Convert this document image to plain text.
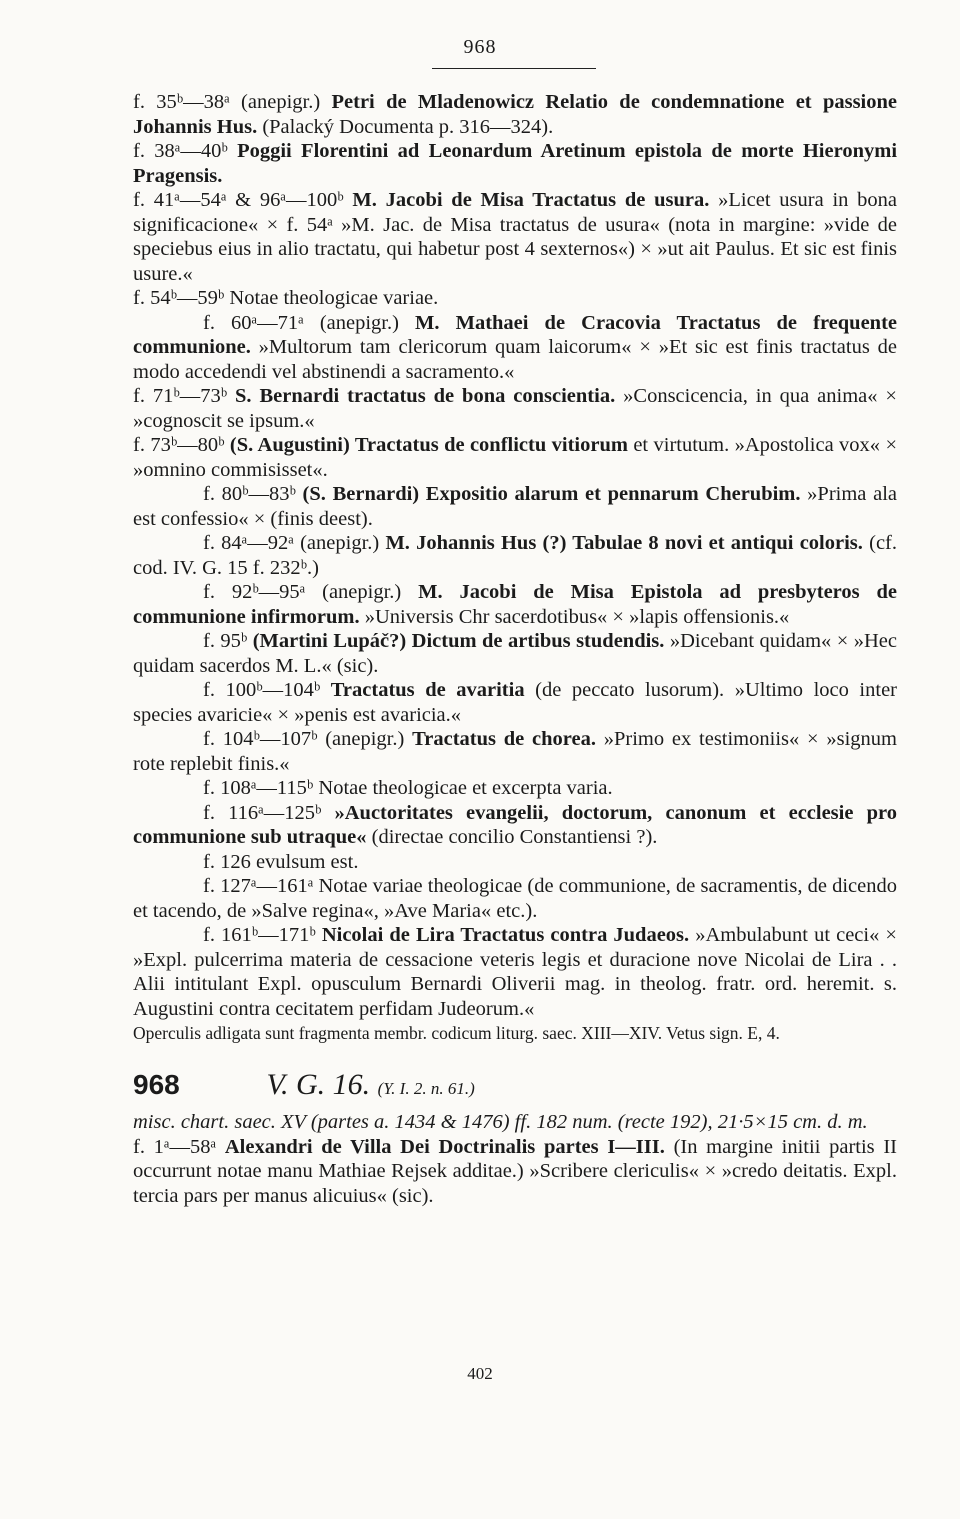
968

f. 35ᵇ—38ᵃ (anepigr.) Petri de Mladenowicz Relatio de condemnatione et passione Johannis Hus. (Palacký Documenta p. 316—324).

f. 38ᵃ—40ᵇ Poggii Florentini ad Leonardum Aretinum epistola de morte Hieronymi Pragensis.

f. 41ᵃ—54ᵃ & 96ᵃ—100ᵇ M. Jacobi de Misa Tractatus de usura. »Licet usura in bona significacione« × f. 54ᵃ »M. Jac. de Misa tractatus de usura« (nota in margine: »vide de speciebus eius in alio tractatu, qui habetur post 4 sexternos«) × »ut ait Paulus. Et sic est finis usure.«

f. 54ᵇ—59ᵇ Notae theologicae variae.

f. 60ᵃ—71ᵃ (anepigr.) M. Mathaei de Cracovia Tractatus de frequente communione. »Multorum tam clericorum quam laicorum« × »Et sic est finis tractatus de modo accedendi vel abstinendi a sacramento.«

f. 71ᵇ—73ᵇ S. Bernardi tractatus de bona conscientia. »Conscicencia, in qua anima« × »cognoscit se ipsum.«

f. 73ᵇ—80ᵇ (S. Augustini) Tractatus de conflictu vitiorum et virtutum. »Apostolica vox« × »omnino commisisset«.

f. 80ᵇ—83ᵇ (S. Bernardi) Expositio alarum et pennarum Cherubim. »Prima ala est confessio« × (finis deest).

f. 84ᵃ—92ᵃ (anepigr.) M. Johannis Hus (?) Tabulae 8 novi et antiqui coloris. (cf. cod. IV. G. 15 f. 232ᵇ.)

f. 92ᵇ—95ᵃ (anepigr.) M. Jacobi de Misa Epistola ad presbyteros de communione infirmorum. »Universis Chr sacerdotibus« × »lapis offensionis.«

f. 95ᵇ (Martini Lupáč?) Dictum de artibus studendis. »Dicebant quidam« × »Hec quidam sacerdos M. L.« (sic).

f. 100ᵇ—104ᵇ Tractatus de avaritia (de peccato lusorum). »Ultimo loco inter species avaricie« × »penis est avaricia.«

f. 104ᵇ—107ᵇ (anepigr.) Tractatus de chorea. »Primo ex testimoniis« × »signum rote replebit finis.«

f. 108ᵃ—115ᵇ Notae theologicae et excerpta varia.

f. 116ᵃ—125ᵇ »Auctoritates evangelii, doctorum, canonum et ecclesie pro communione sub utraque« (directae concilio Constantiensi ?).

f. 126 evulsum est.

f. 127ᵃ—161ᵃ Notae variae theologicae (de communione, de sacramentis, de dicendo et tacendo, de »Salve regina«, »Ave Maria« etc.).

f. 161ᵇ—171ᵇ Nicolai de Lira Tractatus contra Judaeos. »Ambulabunt ut ceci« × »Expl. pulcerrima materia de cessacione veteris legis et duracione nove Nicolai de Lira . . Alii intitulant Expl. opusculum Bernardi Oliverii mag. in theolog. fratr. ord. heremit. s. Augustini contra cecitatem perfidam Judeorum.«

Operculis adligata sunt fragmenta membr. codicum liturg. saec. XIII—XIV. Vetus sign. E, 4.

968	V. G. 16. (Y. I. 2. n. 61.)

misc. chart. saec. XV (partes a. 1434 & 1476) ff. 182 num. (recte 192), 21·5×15 cm. d. m.

f. 1ᵃ—58ᵃ Alexandri de Villa Dei Doctrinalis partes I—III. (In margine initii partis II occurrunt notae manu Mathiae Rejsek additae.) »Scribere clericulis« × »credo deitatis. Expl. tercia pars per manus alicuius« (sic).

402
